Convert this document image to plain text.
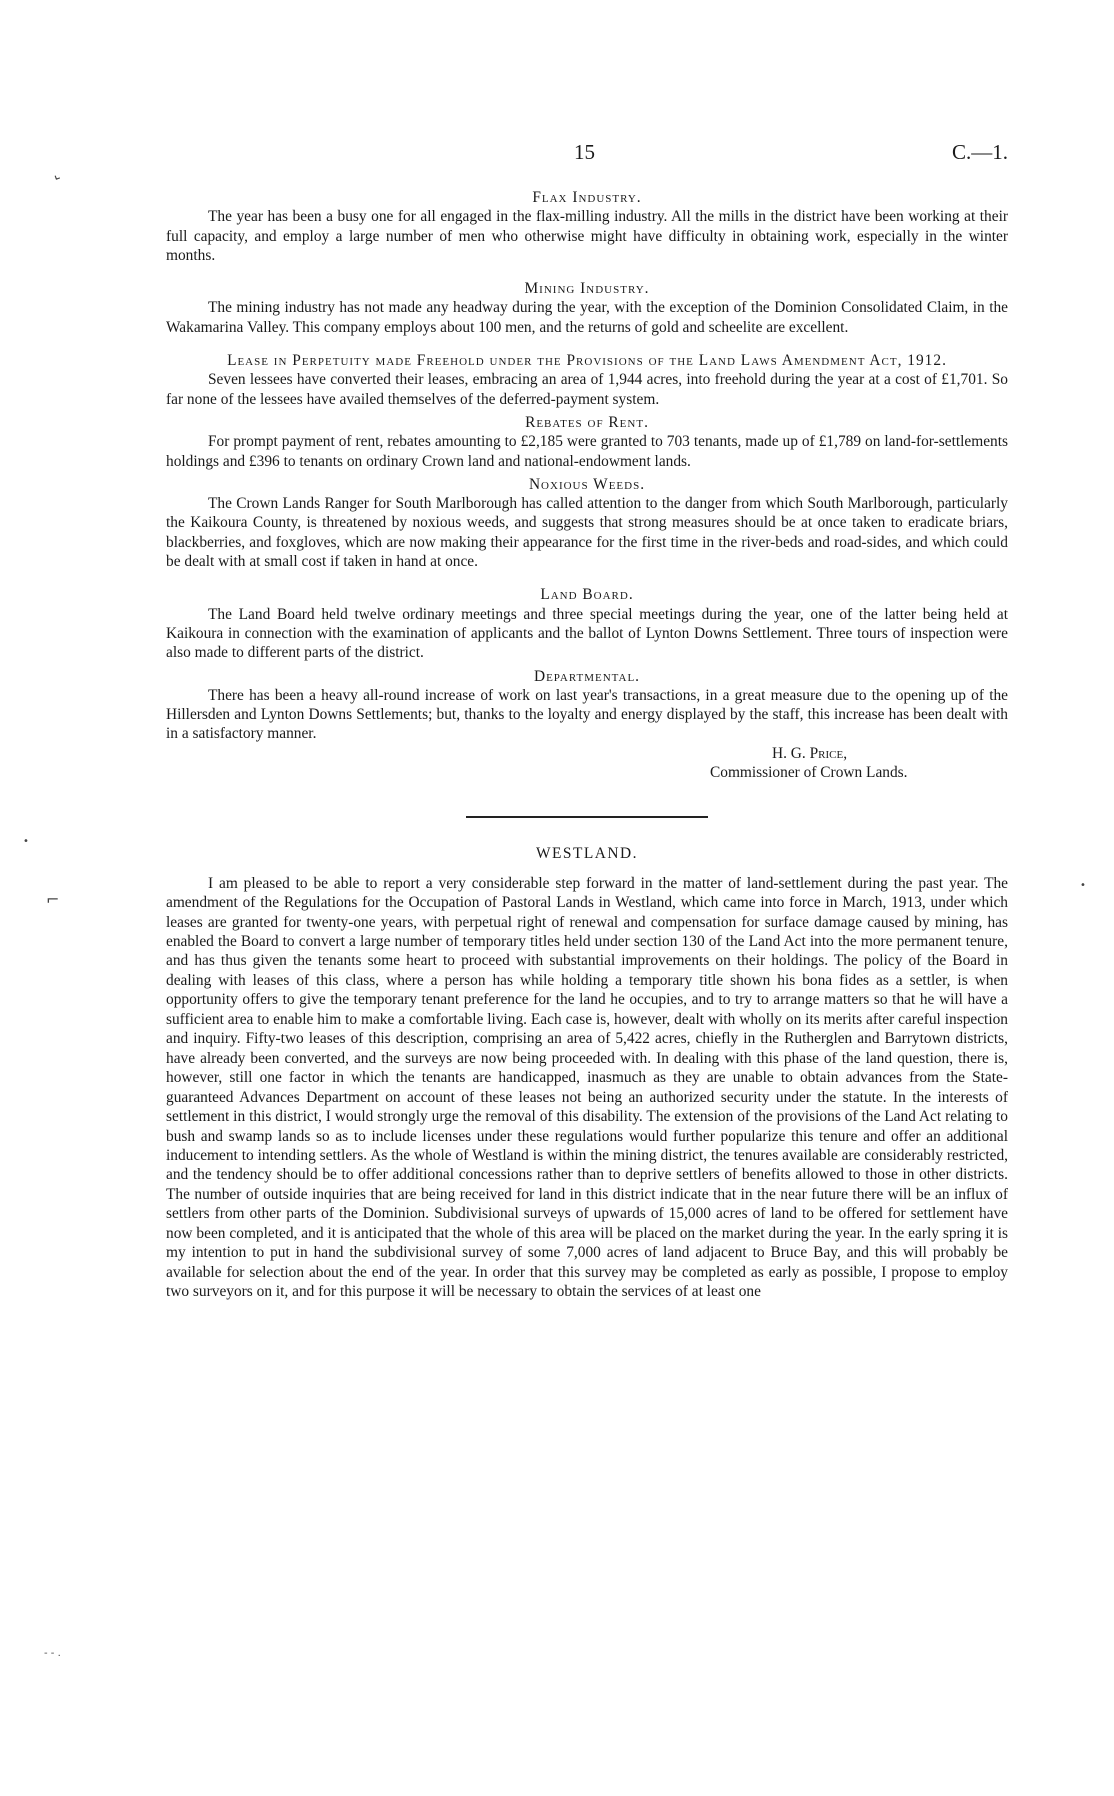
⌄
•
⌐
•
- - .
15	C.—1.
Flax Industry.

The year has been a busy one for all engaged in the flax-milling industry. All the mills in the district have been working at their full capacity, and employ a large number of men who otherwise might have difficulty in obtaining work, especially in the winter months.

Mining Industry.

The mining industry has not made any headway during the year, with the exception of the Dominion Consolidated Claim, in the Wakamarina Valley. This company employs about 100 men, and the returns of gold and scheelite are excellent.

Lease in Perpetuity made Freehold under the Provisions of the Land Laws Amendment Act, 1912.

Seven lessees have converted their leases, embracing an area of 1,944 acres, into freehold during the year at a cost of £1,701. So far none of the lessees have availed themselves of the deferred-payment system.

Rebates of Rent.

For prompt payment of rent, rebates amounting to £2,185 were granted to 703 tenants, made up of £1,789 on land-for-settlements holdings and £396 to tenants on ordinary Crown land and national-endowment lands.

Noxious Weeds.

The Crown Lands Ranger for South Marlborough has called attention to the danger from which South Marlborough, particularly the Kaikoura County, is threatened by noxious weeds, and suggests that strong measures should be at once taken to eradicate briars, blackberries, and foxgloves, which are now making their appearance for the first time in the river-beds and road-sides, and which could be dealt with at small cost if taken in hand at once.

Land Board.

The Land Board held twelve ordinary meetings and three special meetings during the year, one of the latter being held at Kaikoura in connection with the examination of applicants and the ballot of Lynton Downs Settlement. Three tours of inspection were also made to different parts of the district.

Departmental.

There has been a heavy all-round increase of work on last year's transactions, in a great measure due to the opening up of the Hillersden and Lynton Downs Settlements; but, thanks to the loyalty and energy displayed by the staff, this increase has been dealt with in a satisfactory manner.

H. G. Price,
Commissioner of Crown Lands.
WESTLAND.
I am pleased to be able to report a very considerable step forward in the matter of land-settlement during the past year. The amendment of the Regulations for the Occupation of Pastoral Lands in Westland, which came into force in March, 1913, under which leases are granted for twenty-one years, with perpetual right of renewal and compensation for surface damage caused by mining, has enabled the Board to convert a large number of temporary titles held under section 130 of the Land Act into the more permanent tenure, and has thus given the tenants some heart to proceed with substantial improvements on their holdings. The policy of the Board in dealing with leases of this class, where a person has while holding a temporary title shown his bona fides as a settler, is when opportunity offers to give the temporary tenant preference for the land he occupies, and to try to arrange matters so that he will have a sufficient area to enable him to make a comfortable living. Each case is, however, dealt with wholly on its merits after careful inspection and inquiry. Fifty-two leases of this description, comprising an area of 5,422 acres, chiefly in the Rutherglen and Barrytown districts, have already been converted, and the surveys are now being proceeded with. In dealing with this phase of the land question, there is, however, still one factor in which the tenants are handicapped, inasmuch as they are unable to obtain advances from the State-guaranteed Advances Department on account of these leases not being an authorized security under the statute. In the interests of settlement in this district, I would strongly urge the removal of this disability. The extension of the provisions of the Land Act relating to bush and swamp lands so as to include licenses under these regulations would further popularize this tenure and offer an additional inducement to intending settlers. As the whole of Westland is within the mining district, the tenures available are considerably restricted, and the tendency should be to offer additional concessions rather than to deprive settlers of benefits allowed to those in other districts. The number of outside inquiries that are being received for land in this district indicate that in the near future there will be an influx of settlers from other parts of the Dominion. Subdivisional surveys of upwards of 15,000 acres of land to be offered for settlement have now been completed, and it is anticipated that the whole of this area will be placed on the market during the year. In the early spring it is my intention to put in hand the subdivisional survey of some 7,000 acres of land adjacent to Bruce Bay, and this will probably be available for selection about the end of the year. In order that this survey may be completed as early as possible, I propose to employ two surveyors on it, and for this purpose it will be necessary to obtain the services of at least one
